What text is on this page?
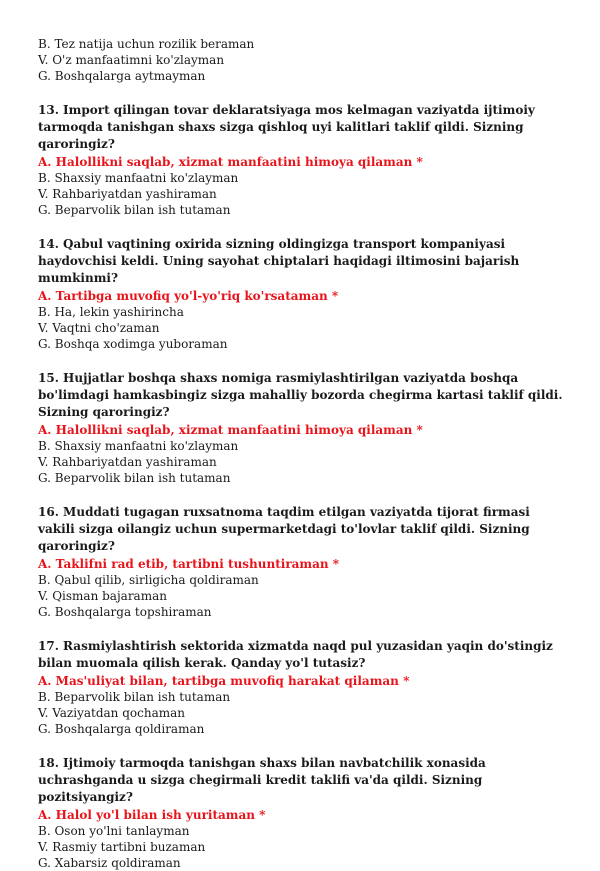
B. Tez natija uchun rozilik beraman
V. O'z manfaatimni ko'zlayman
G. Boshqalarga aytmayman
13. Import qilingan tovar deklaratsiyaga mos kelmagan vaziyatda ijtimoiy tarmoqda tanishgan shaxs sizga qishloq uyi kalitlari taklif qildi. Sizning qaroringiz?
A. Halollikni saqlab, xizmat manfaatini himoya qilaman *
B. Shaxsiy manfaatni ko'zlayman
V. Rahbariyatdan yashiraman
G. Beparvolik bilan ish tutaman
14. Qabul vaqtining oxirida sizning oldingizga transport kompaniyasi haydovchisi keldi. Uning sayohat chiptalari haqidagi iltimosini bajarish mumkinmi?
A. Tartibga muvofiq yo'l-yo'riq ko'rsataman *
B. Ha, lekin yashirincha
V. Vaqtni cho'zaman
G. Boshqa xodimga yuboraman
15. Hujjatlar boshqa shaxs nomiga rasmiylashtirilgan vaziyatda boshqa bo'limdagi hamkasbingiz sizga mahalliy bozorda chegirma kartasi taklif qildi. Sizning qaroringiz?
A. Halollikni saqlab, xizmat manfaatini himoya qilaman *
B. Shaxsiy manfaatni ko'zlayman
V. Rahbariyatdan yashiraman
G. Beparvolik bilan ish tutaman
16. Muddati tugagan ruxsatnoma taqdim etilgan vaziyatda tijorat firmasi vakili sizga oilangiz uchun supermarketdagi to'lovlar taklif qildi. Sizning qaroringiz?
A. Taklifni rad etib, tartibni tushuntiraman *
B. Qabul qilib, sirligicha qoldiraman
V. Qisman bajaraman
G. Boshqalarga topshiraman
17. Rasmiylashtirish sektorida xizmatda naqd pul yuzasidan yaqin do'stingiz bilan muomala qilish kerak. Qanday yo'l tutasiz?
A. Mas'uliyat bilan, tartibga muvofiq harakat qilaman *
B. Beparvolik bilan ish tutaman
V. Vaziyatdan qochaman
G. Boshqalarga qoldiraman
18. Ijtimoiy tarmoqda tanishgan shaxs bilan navbatchilik xonasida uchrashganda u sizga chegirmali kredit taklifi va'da qildi. Sizning pozitsiyangiz?
A. Halol yo'l bilan ish yuritaman *
B. Oson yo'lni tanlayman
V. Rasmiy tartibni buzaman
G. Xabarsiz qoldiraman
